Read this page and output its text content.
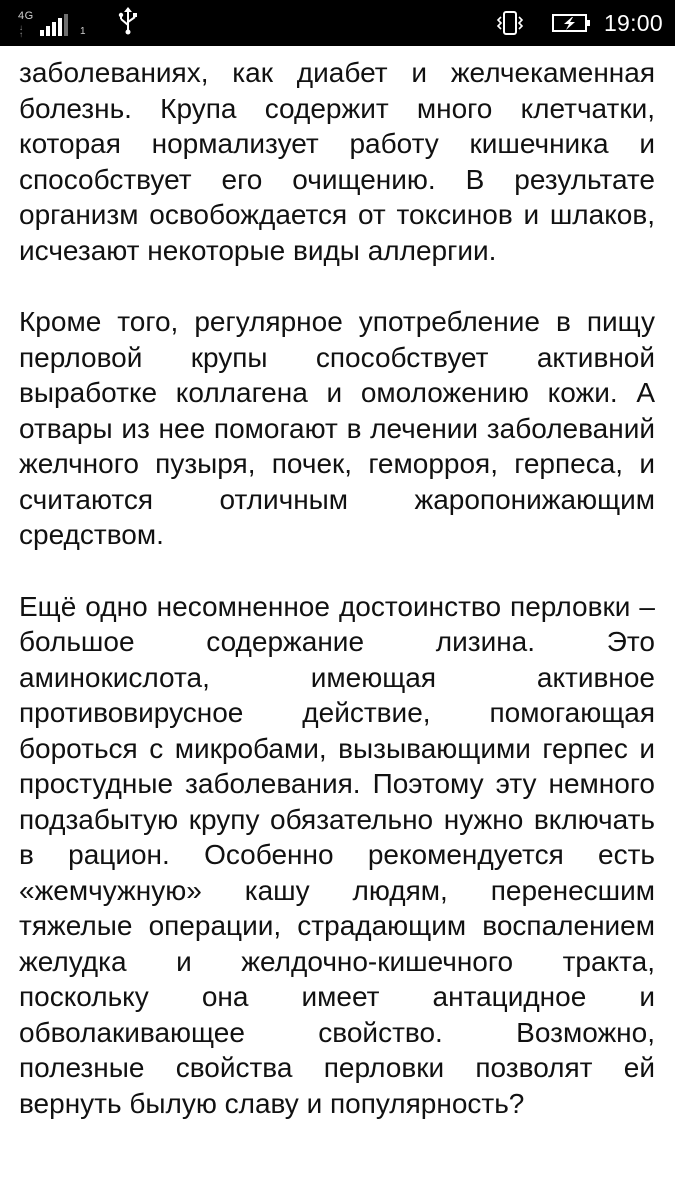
4G
↓
↑	1	19:00

заболеваниях, как диабет и желчекаменная болезнь. Крупа содержит много клетчатки, которая нормализует работу кишечника и способствует его очищению. В результате организм освобождается от токсинов и шлаков, исчезают некоторые виды аллергии.

Кроме того, регулярное употребление в пищу перловой крупы способствует активной выработке коллагена и омоложению кожи. А отвары из нее помогают в лечении заболеваний желчного пузыря, почек, геморроя, герпеса, и считаются отличным жаропонижающим средством.

Ещё одно несомненное достоинство перловки – большое содержание лизина. Это аминокислота, имеющая активное противовирусное действие, помогающая бороться с микробами, вызывающими герпес и простудные заболевания. Поэтому эту немного подзабытую крупу обязательно нужно включать в рацион. Особенно рекомендуется есть «жемчужную» кашу людям, перенесшим тяжелые операции, страдающим воспалением желудка и желдочно-кишечного тракта, поскольку она имеет антацидное и обволакивающее свойство. Возможно, полезные свойства перловки позволят ей вернуть былую славу и популярность?
